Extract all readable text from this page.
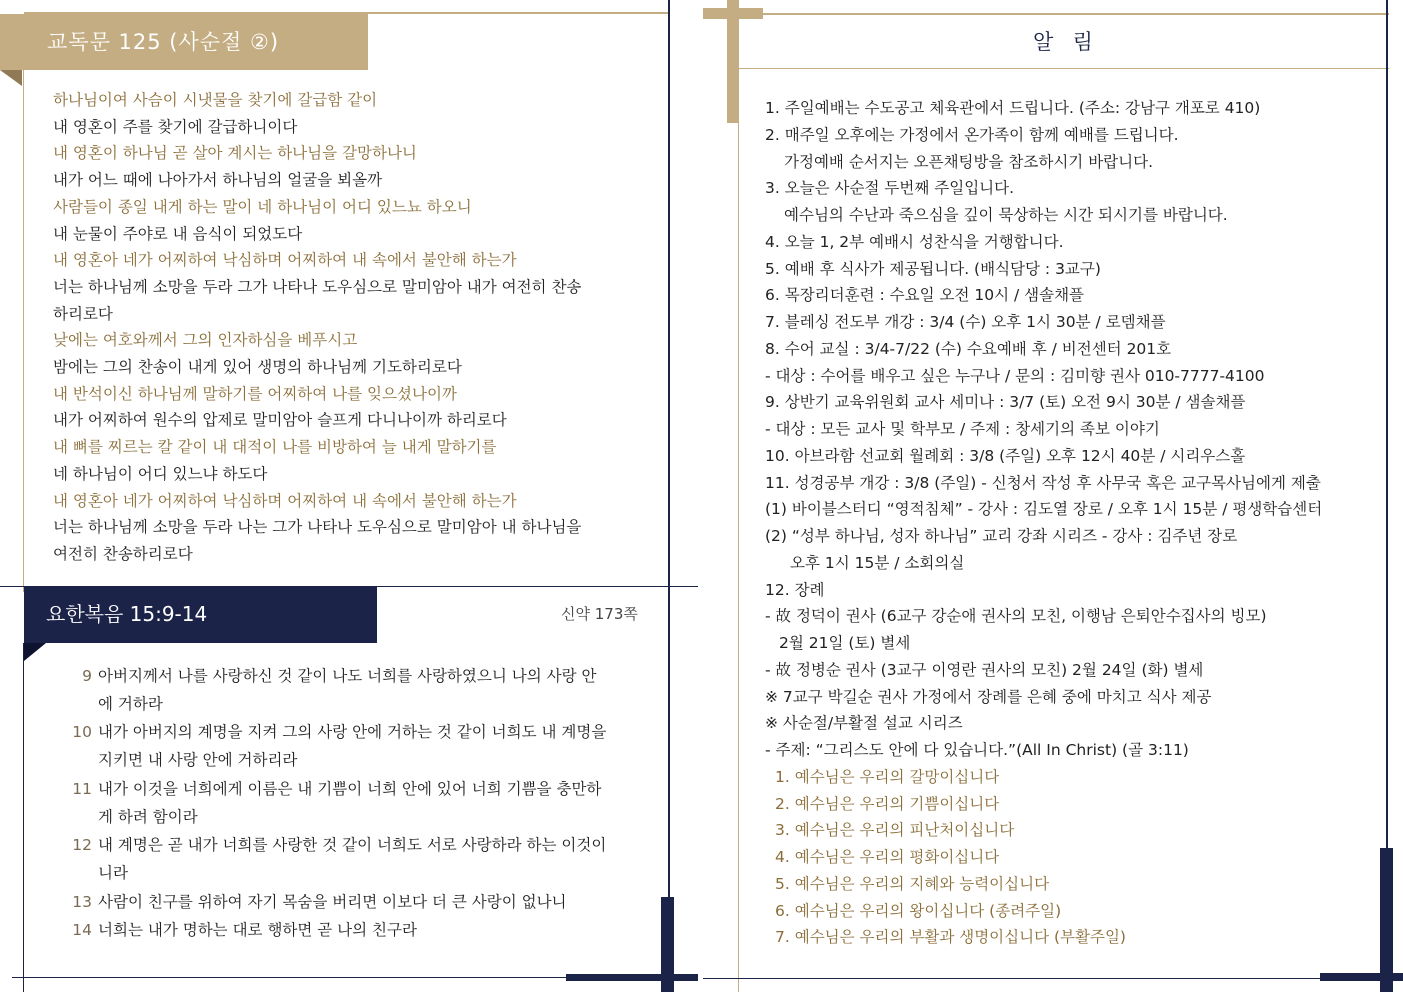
교독문 125 (사순절 ②)
하나님이여 사슴이 시냇물을 찾기에 갈급함 같이
내 영혼이 주를 찾기에 갈급하니이다
내 영혼이 하나님 곧 살아 계시는 하나님을 갈망하나니
내가 어느 때에 나아가서 하나님의 얼굴을 뵈올까
사람들이 종일 내게 하는 말이 네 하나님이 어디 있느뇨 하오니
내 눈물이 주야로 내 음식이 되었도다
내 영혼아 네가 어찌하여 낙심하며 어찌하여 내 속에서 불안해 하는가
너는 하나님께 소망을 두라 그가 나타나 도우심으로 말미암아 내가 여전히 찬송
하리로다
낮에는 여호와께서 그의 인자하심을 베푸시고
밤에는 그의 찬송이 내게 있어 생명의 하나님께 기도하리로다
내 반석이신 하나님께 말하기를 어찌하여 나를 잊으셨나이까
내가 어찌하여 원수의 압제로 말미암아 슬프게 다니나이까 하리로다
내 뼈를 찌르는 칼 같이 내 대적이 나를 비방하여 늘 내게 말하기를
네 하나님이 어디 있느냐 하도다
내 영혼아 네가 어찌하여 낙심하며 어찌하여 내 속에서 불안해 하는가
너는 하나님께 소망을 두라 나는 그가 나타나 도우심으로 말미암아 내 하나님을
여전히 찬송하리로다
요한복음 15:9-14	신약 173쪽
9 아버지께서 나를 사랑하신 것 같이 나도 너희를 사랑하였으니 나의 사랑 안
에 거하라
10 내가 아버지의 계명을 지켜 그의 사랑 안에 거하는 것 같이 너희도 내 계명을
지키면 내 사랑 안에 거하리라
11 내가 이것을 너희에게 이름은 내 기쁨이 너희 안에 있어 너희 기쁨을 충만하
게 하려 함이라
12 내 계명은 곧 내가 너희를 사랑한 것 같이 너희도 서로 사랑하라 하는 이것이
니라
13 사람이 친구를 위하여 자기 목숨을 버리면 이보다 더 큰 사랑이 없나니
14 너희는 내가 명하는 대로 행하면 곧 나의 친구라
알  림
1. 주일예배는 수도공고 체육관에서 드립니다. (주소: 강남구 개포로 410)
2. 매주일 오후에는 가정에서 온가족이 함께 예배를 드립니다.
가정예배 순서지는 오픈채팅방을 참조하시기 바랍니다.
3. 오늘은 사순절 두번째 주일입니다.
예수님의 수난과 죽으심을 깊이 묵상하는 시간 되시기를 바랍니다.
4. 오늘 1, 2부 예배시 성찬식을 거행합니다.
5. 예배 후 식사가 제공됩니다. (배식담당 : 3교구)
6. 목장리더훈련 : 수요일 오전 10시 / 샘솔채플
7. 블레싱 전도부 개강 : 3/4 (수) 오후 1시 30분 / 로뎀채플
8. 수어 교실 : 3/4-7/22 (수) 수요예배 후 / 비전센터 201호
- 대상 : 수어를 배우고 싶은 누구나 / 문의 : 김미향 권사 010-7777-4100
9. 상반기 교육위원회 교사 세미나 : 3/7 (토) 오전 9시 30분 / 샘솔채플
- 대상 : 모든 교사 및 학부모 / 주제 : 창세기의 족보 이야기
10. 아브라함 선교회 월례회 : 3/8 (주일) 오후 12시 40분 / 시리우스홀
11. 성경공부 개강 : 3/8 (주일) - 신청서 작성 후 사무국 혹은 교구목사님에게 제출
(1) 바이블스터디 “영적침체” - 강사 : 김도열 장로 / 오후 1시 15분 / 평생학습센터
(2) “성부 하나님, 성자 하나님” 교리 강좌 시리즈 - 강사 : 김주년 장로
오후 1시 15분 / 소회의실
12. 장례
- 故 정덕이 권사 (6교구 강순애 권사의 모친, 이행남 은퇴안수집사의 빙모)
2월 21일 (토) 별세
- 故 정병순 권사 (3교구 이영란 권사의 모친) 2월 24일 (화) 별세
※ 7교구 박길순 권사 가정에서 장례를 은혜 중에 마치고 식사 제공
※ 사순절/부활절 설교 시리즈
- 주제: “그리스도 안에 다 있습니다.”(All In Christ) (골 3:11)
1. 예수님은 우리의 갈망이십니다
2. 예수님은 우리의 기쁨이십니다
3. 예수님은 우리의 피난처이십니다
4. 예수님은 우리의 평화이십니다
5. 예수님은 우리의 지혜와 능력이십니다
6. 예수님은 우리의 왕이십니다 (종려주일)
7. 예수님은 우리의 부활과 생명이십니다 (부활주일)
